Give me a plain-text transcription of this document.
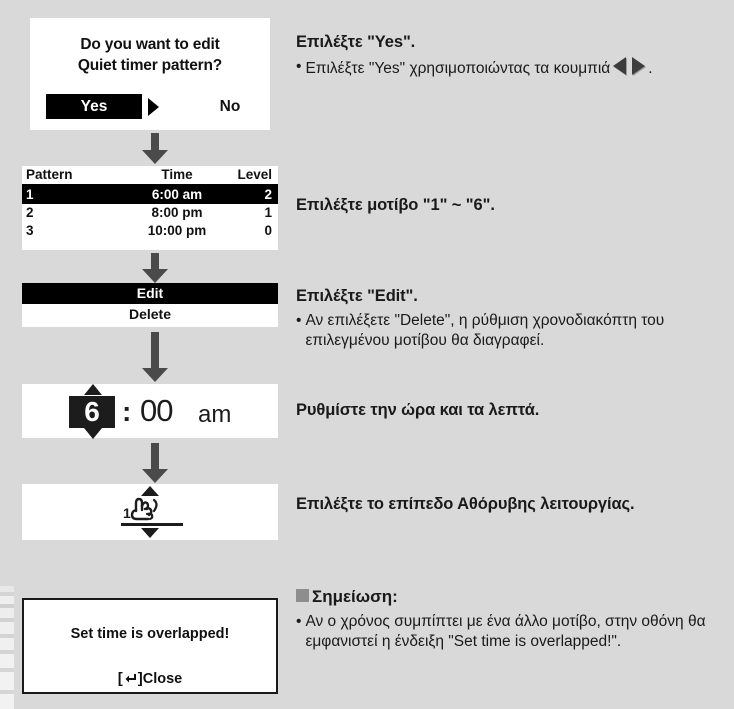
Do you want to edit
Quiet timer pattern?
Yes	No
Επιλέξτε "Yes".
• Επιλέξτε "Yes" χρησιμοποιώντας τα κουμπιά .
Pattern	Time	Level
1	6:00 am	2
2	8:00 pm	1
3	10:00 pm	0
Επιλέξτε μοτίβο "1" ~ "6".
Edit
Delete
Επιλέξτε "Edit".
• Αν επιλέξετε "Delete", η ρύθμιση χρονοδιακόπτη του επιλεγμένου μοτίβου θα διαγραφεί.
6 : 00 am	Ρυθμίστε την ώρα και τα λεπτά.
1	Επιλέξτε το επίπεδο Αθόρυβης λειτουργίας.
Set time is overlapped!
[ ] Close
Σημείωση:
• Αν ο χρόνος συμπίπτει με ένα άλλο μοτίβο, στην οθόνη θα εμφανιστεί η ένδειξη "Set time is overlapped!".
